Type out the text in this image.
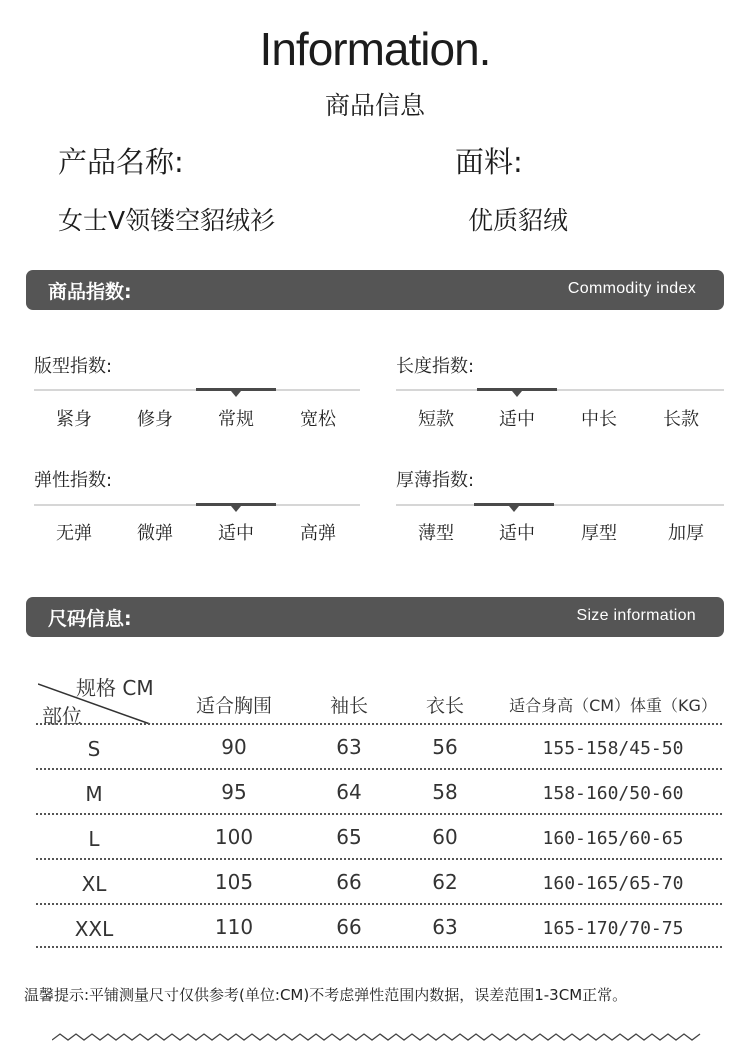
Information.
商品信息
产品名称:
女士V领镂空貂绒衫
面料:
优质貂绒
商品指数:	Commodity index
版型指数:
紧身	修身	常规	宽松
长度指数:
短款	适中	中长	长款
弹性指数:
无弹	微弹	适中	高弹
厚薄指数:
薄型	适中	厚型	加厚
尺码信息:	Size information
规格 CM
部位	适合胸围	袖长	衣长	适合身高（CM）体重（KG）
S	90	63	56	155-158/45-50
M	95	64	58	158-160/50-60
L	100	65	60	160-165/60-65
XL	105	66	62	160-165/65-70
XXL	110	66	63	165-170/70-75
温馨提示:平铺测量尺寸仅供参考(单位:CM)不考虑弹性范围内数据，误差范围1-3CM正常。
